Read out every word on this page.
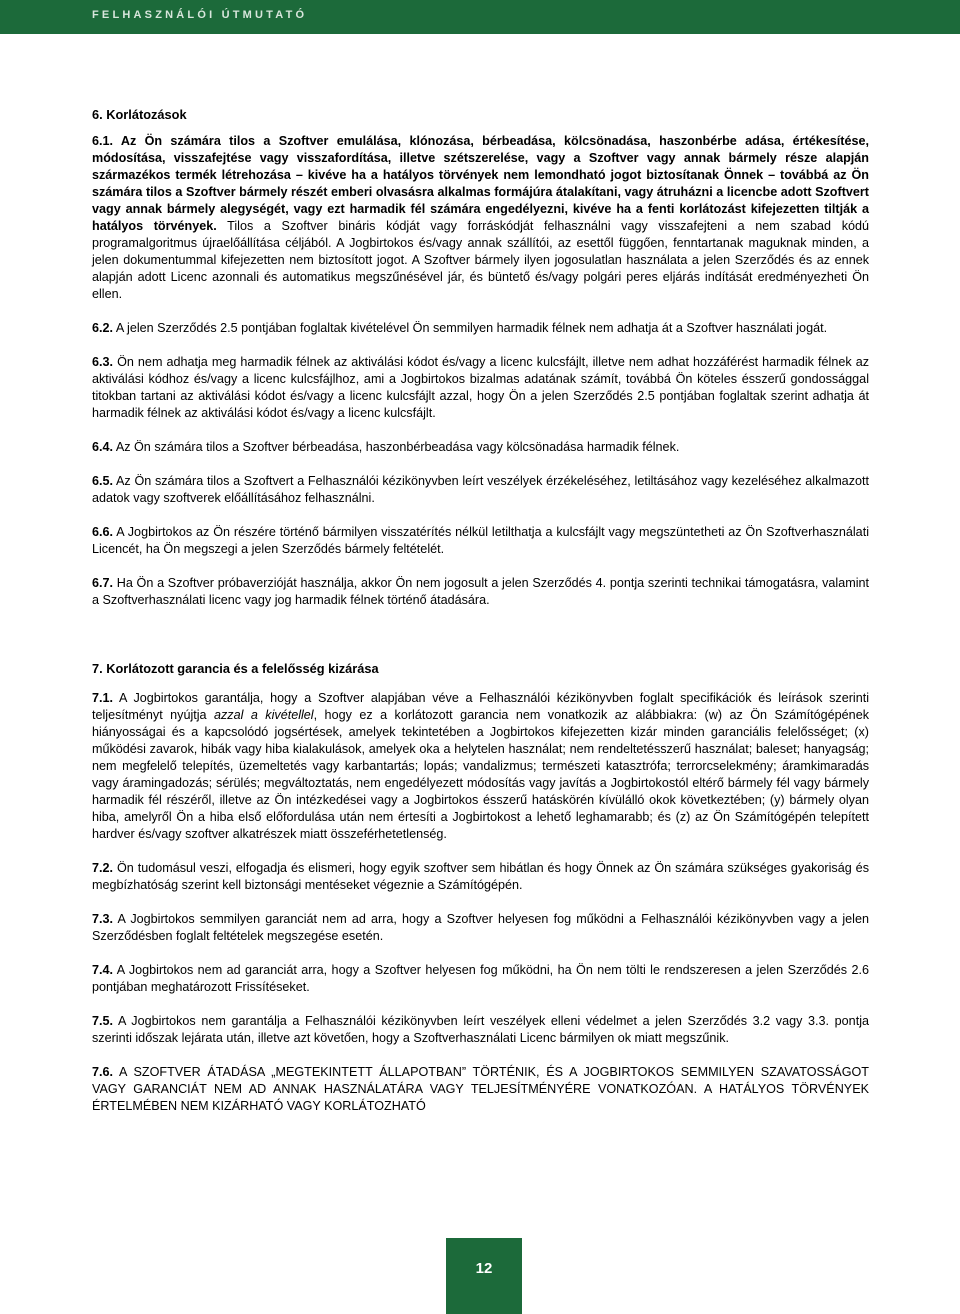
FELHASZNÁLÓI ÚTMUTATÓ
6. Korlátozások

6.1. Az Ön számára tilos a Szoftver emulálása, klónozása, bérbeadása, kölcsönadása, haszonbérbe adása, értékesítése, módosítása, visszafejtése vagy visszafordítása, illetve szétszerelése, vagy a Szoftver vagy annak bármely része alapján származékos termék létrehozása – kivéve ha a hatályos törvények nem lemondható jogot biztosítanak Önnek – továbbá az Ön számára tilos a Szoftver bármely részét emberi olvasásra alkalmas formájúra átalakítani, vagy átruházni a licencbe adott Szoftvert vagy annak bármely alegységét, vagy ezt harmadik fél számára engedélyezni, kivéve ha a fenti korlátozást kifejezetten tiltják a hatályos törvények. Tilos a Szoftver bináris kódját vagy forráskódját felhasználni vagy visszafejteni a nem szabad kódú programalgoritmus újraelőállítása céljából. A Jogbirtokos és/vagy annak szállítói, az esettől függően, fenntartanak maguknak minden, a jelen dokumentummal kifejezetten nem biztosított jogot. A Szoftver bármely ilyen jogosulatlan használata a jelen Szerződés és az ennek alapján adott Licenc azonnali és automatikus megszűnésével jár, és büntető és/vagy polgári peres eljárás indítását eredményezheti Ön ellen.

6.2. A jelen Szerződés 2.5 pontjában foglaltak kivételével Ön semmilyen harmadik félnek nem adhatja át a Szoftver használati jogát.

6.3. Ön nem adhatja meg harmadik félnek az aktiválási kódot és/vagy a licenc kulcsfájlt, illetve nem adhat hozzáférést harmadik félnek az aktiválási kódhoz és/vagy a licenc kulcsfájlhoz, ami a Jogbirtokos bizalmas adatának számít, továbbá Ön köteles ésszerű gondossággal titokban tartani az aktiválási kódot és/vagy a licenc kulcsfájlt azzal, hogy Ön a jelen Szerződés 2.5 pontjában foglaltak szerint adhatja át harmadik félnek az aktiválási kódot és/vagy a licenc kulcsfájlt.

6.4. Az Ön számára tilos a Szoftver bérbeadása, haszonbérbeadása vagy kölcsönadása harmadik félnek.

6.5. Az Ön számára tilos a Szoftvert a Felhasználói kézikönyvben leírt veszélyek érzékeléséhez, letiltásához vagy kezeléséhez alkalmazott adatok vagy szoftverek előállításához felhasználni.

6.6. A Jogbirtokos az Ön részére történő bármilyen visszatérítés nélkül letilthatja a kulcsfájlt vagy megszüntetheti az Ön Szoftverhasználati Licencét, ha Ön megszegi a jelen Szerződés bármely feltételét.

6.7. Ha Ön a Szoftver próbaverzióját használja, akkor Ön nem jogosult a jelen Szerződés 4. pontja szerinti technikai támogatásra, valamint a Szoftverhasználati licenc vagy jog harmadik félnek történő átadására.

7. Korlátozott garancia és a felelősség kizárása

7.1. A Jogbirtokos garantálja, hogy a Szoftver alapjában véve a Felhasználói kézikönyvben foglalt specifikációk és leírások szerinti teljesítményt nyújtja azzal a kivétellel, hogy ez a korlátozott garancia nem vonatkozik az alábbiakra: (w) az Ön Számítógépének hiányosságai és a kapcsolódó jogsértések, amelyek tekintetében a Jogbirtokos kifejezetten kizár minden garanciális felelősséget; (x) működési zavarok, hibák vagy hiba kialakulások, amelyek oka a helytelen használat; nem rendeltetésszerű használat; baleset; hanyagság; nem megfelelő telepítés, üzemeltetés vagy karbantartás; lopás; vandalizmus; természeti katasztrófa; terrorcselekmény; áramkimaradás vagy áramingadozás; sérülés; megváltoztatás, nem engedélyezett módosítás vagy javítás a Jogbirtokostól eltérő bármely fél vagy bármely harmadik fél részéről, illetve az Ön intézkedései vagy a Jogbirtokos ésszerű hatáskörén kívülálló okok következtében; (y) bármely olyan hiba, amelyről Ön a hiba első előfordulása után nem értesíti a Jogbirtokost a lehető leghamarabb; és (z) az Ön Számítógépén telepített hardver és/vagy szoftver alkatrészek miatt összeférhetetlenség.

7.2. Ön tudomásul veszi, elfogadja és elismeri, hogy egyik szoftver sem hibátlan és hogy Önnek az Ön számára szükséges gyakoriság és megbízhatóság szerint kell biztonsági mentéseket végeznie a Számítógépén.

7.3. A Jogbirtokos semmilyen garanciát nem ad arra, hogy a Szoftver helyesen fog működni a Felhasználói kézikönyvben vagy a jelen Szerződésben foglalt feltételek megszegése esetén.

7.4. A Jogbirtokos nem ad garanciát arra, hogy a Szoftver helyesen fog működni, ha Ön nem tölti le rendszeresen a jelen Szerződés 2.6 pontjában meghatározott Frissítéseket.

7.5. A Jogbirtokos nem garantálja a Felhasználói kézikönyvben leírt veszélyek elleni védelmet a jelen Szerződés 3.2 vagy 3.3. pontja szerinti időszak lejárata után, illetve azt követően, hogy a Szoftverhasználati Licenc bármilyen ok miatt megszűnik.

7.6. A SZOFTVER ÁTADÁSA „MEGTEKINTETT ÁLLAPOTBAN” TÖRTÉNIK, ÉS A JOGBIRTOKOS SEMMILYEN SZAVATOSSÁGOT VAGY GARANCIÁT NEM AD ANNAK HASZNÁLATÁRA VAGY TELJESÍTMÉNYÉRE VONATKOZÓAN. A HATÁLYOS TÖRVÉNYEK ÉRTELMÉBEN NEM KIZÁRHATÓ VAGY KORLÁTOZHATÓ

12
